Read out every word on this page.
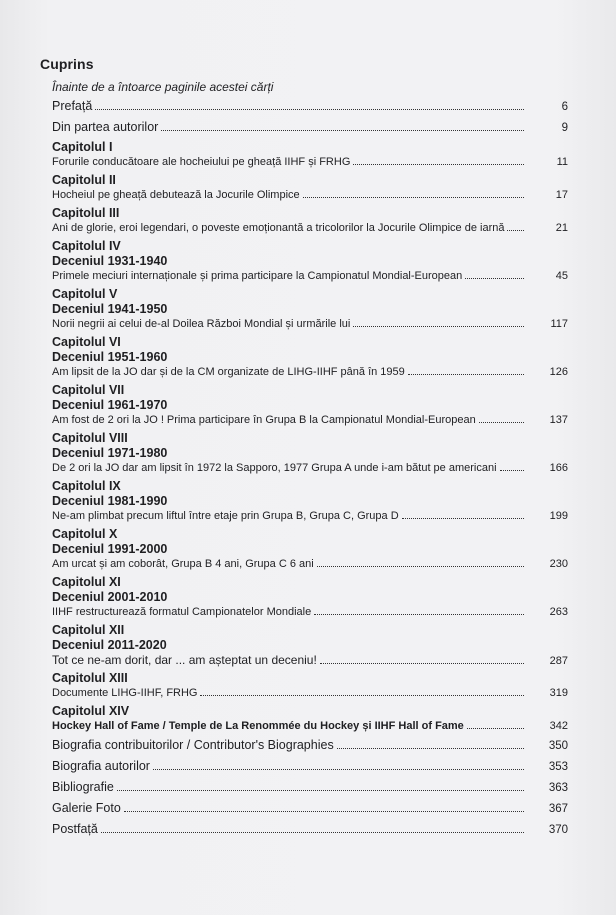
Cuprins
Înainte de a întoarce paginile acestei cărți
Prefață	6
Din partea autorilor	9
Capitolul I
Forurile conducătoare ale hocheiului pe gheață IIHF și FRHG	11
Capitolul II
Hocheiul pe gheață debutează la Jocurile Olimpice	17
Capitolul III
Ani de glorie, eroi legendari, o poveste emoționantă a tricolorilor la Jocurile Olimpice de iarnă	21
Capitolul IV
Deceniul 1931-1940
Primele meciuri internaționale și prima participare la Campionatul Mondial-European	45
Capitolul V
Deceniul 1941-1950
Norii negrii ai celui de-al Doilea Război Mondial și urmările lui	117
Capitolul VI
Deceniul 1951-1960
Am lipsit de la JO dar și de la CM organizate de LIHG-IIHF până în 1959	126
Capitolul VII
Deceniul 1961-1970
Am fost de 2 ori la JO ! Prima participare în Grupa B la Campionatul Mondial-European	137
Capitolul VIII
Deceniul 1971-1980
De 2 ori la JO dar am lipsit în 1972 la Sapporo, 1977 Grupa A unde i-am bătut pe americani	166
Capitolul IX
Deceniul 1981-1990
Ne-am plimbat precum liftul între etaje prin Grupa B, Grupa C, Grupa D	199
Capitolul X
Deceniul 1991-2000
Am urcat și am coborât, Grupa B 4 ani, Grupa C 6 ani	230
Capitolul XI
Deceniul 2001-2010
IIHF restructurează formatul Campionatelor Mondiale	263
Capitolul XII
Deceniul 2011-2020
Tot ce ne-am dorit, dar ... am așteptat un deceniu!	287
Capitolul XIII
Documente LIHG-IIHF, FRHG	319
Capitolul XIV
Hockey Hall of Fame / Temple de La Renommée du Hockey și IIHF Hall of Fame	342
Biografia contribuitorilor / Contributor's Biographies	350
Biografia autorilor	353
Bibliografie	363
Galerie Foto	367
Postfață	370
